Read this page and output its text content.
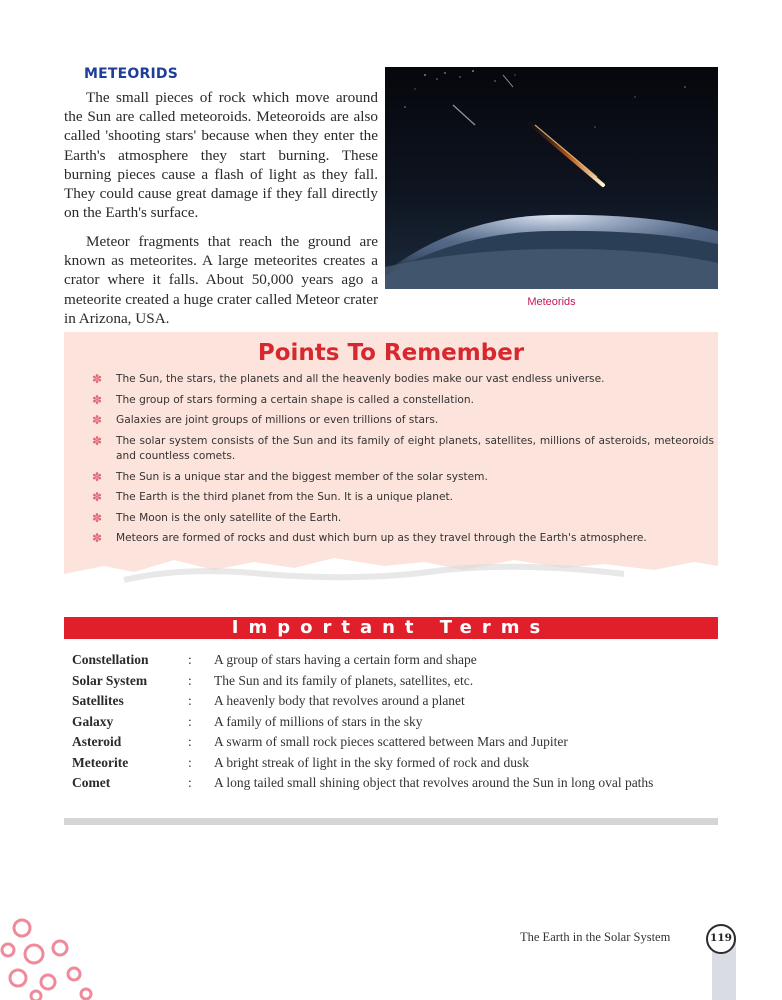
METEORIDS

The small pieces of rock which move around the Sun are called meteoroids. Meteoroids are also called 'shooting stars' because when they enter the Earth's atmosphere they start burning. These burning pieces cause a flash of light as they fall. They could cause great damage if they fall directly on the Earth's surface.

Meteor fragments that reach the ground are known as meteorites. A large meteorites creates a crator where it falls. About 50,000 years ago a meteorite created a huge crater called Meteor crater in Arizona, USA.

Meteorids
Points To Remember
✽ The Sun, the stars, the planets and all the heavenly bodies make our vast endless universe.
✽ The group of stars forming a certain shape is called a constellation.
✽ Galaxies are joint groups of millions or even trillions of stars.
✽ The solar system consists of the Sun and its family of eight planets, satellites, millions of asteroids, meteoroids and countless comets.
✽ The Sun is a unique star and the biggest member of the solar system.
✽ The Earth is the third planet from the Sun. It is a unique planet.
✽ The Moon is the only satellite of the Earth.
✽ Meteors are formed of rocks and dust which burn up as they travel through the Earth's atmosphere.
Important Terms
Constellation	:	A group of stars having a certain form and shape
Solar System	:	The Sun and its family of planets, satellites, etc.
Satellites	:	A heavenly body that revolves around a planet
Galaxy	:	A family of millions of stars in the sky
Asteroid	:	A swarm of small rock pieces scattered between Mars and Jupiter
Meteorite	:	A bright streak of light in the sky formed of rock and dusk
Comet	:	A long tailed small shining object that revolves around the Sun in long oval paths
The Earth in the Solar System	119
